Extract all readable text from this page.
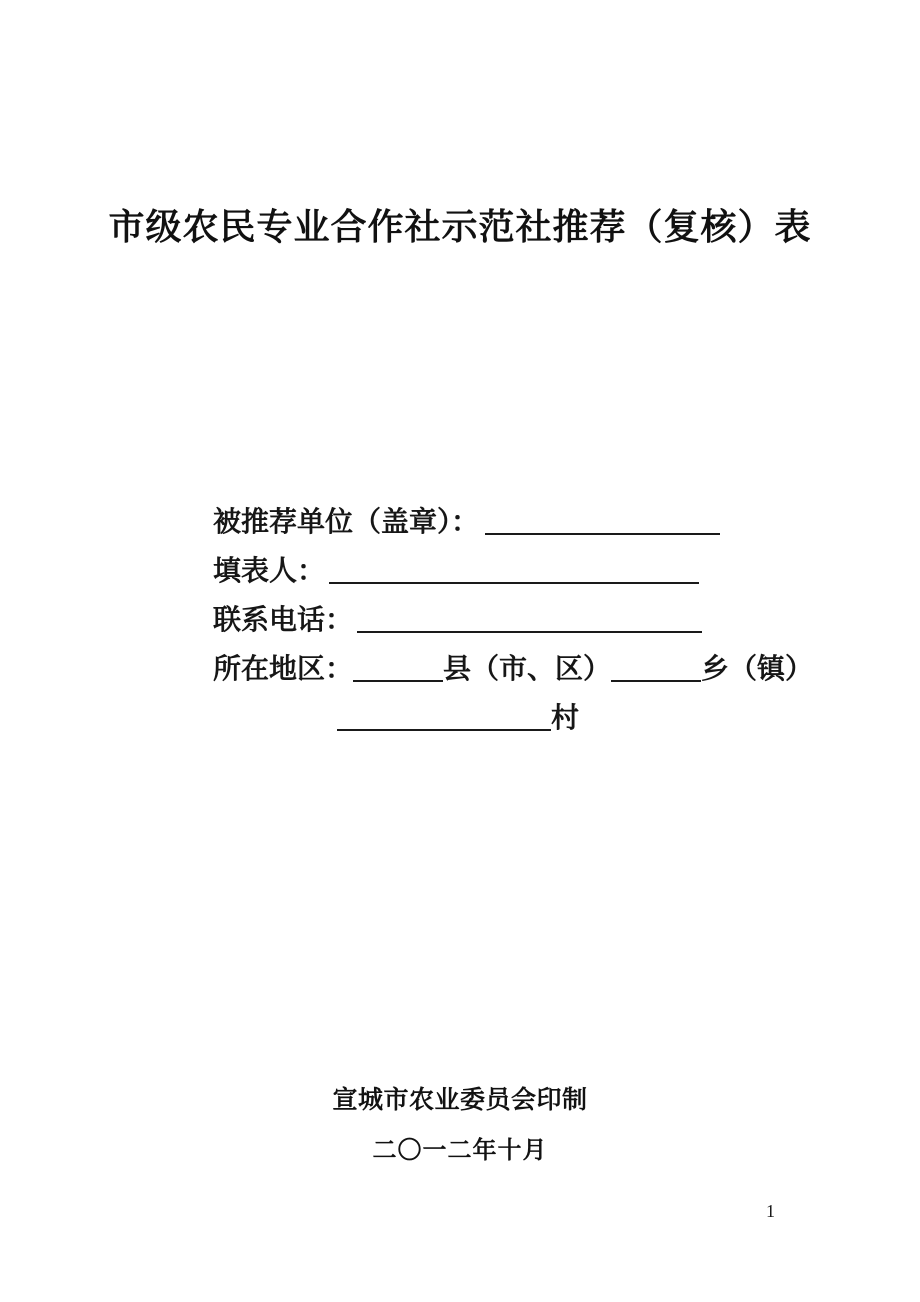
市级农民专业合作社示范社推荐（复核）表
被推荐单位（盖章）：
填表人：
联系电话：
所在地区：	县（市、区）	乡（镇）
村
宣城市农业委员会印制
二〇一二年十月
1
